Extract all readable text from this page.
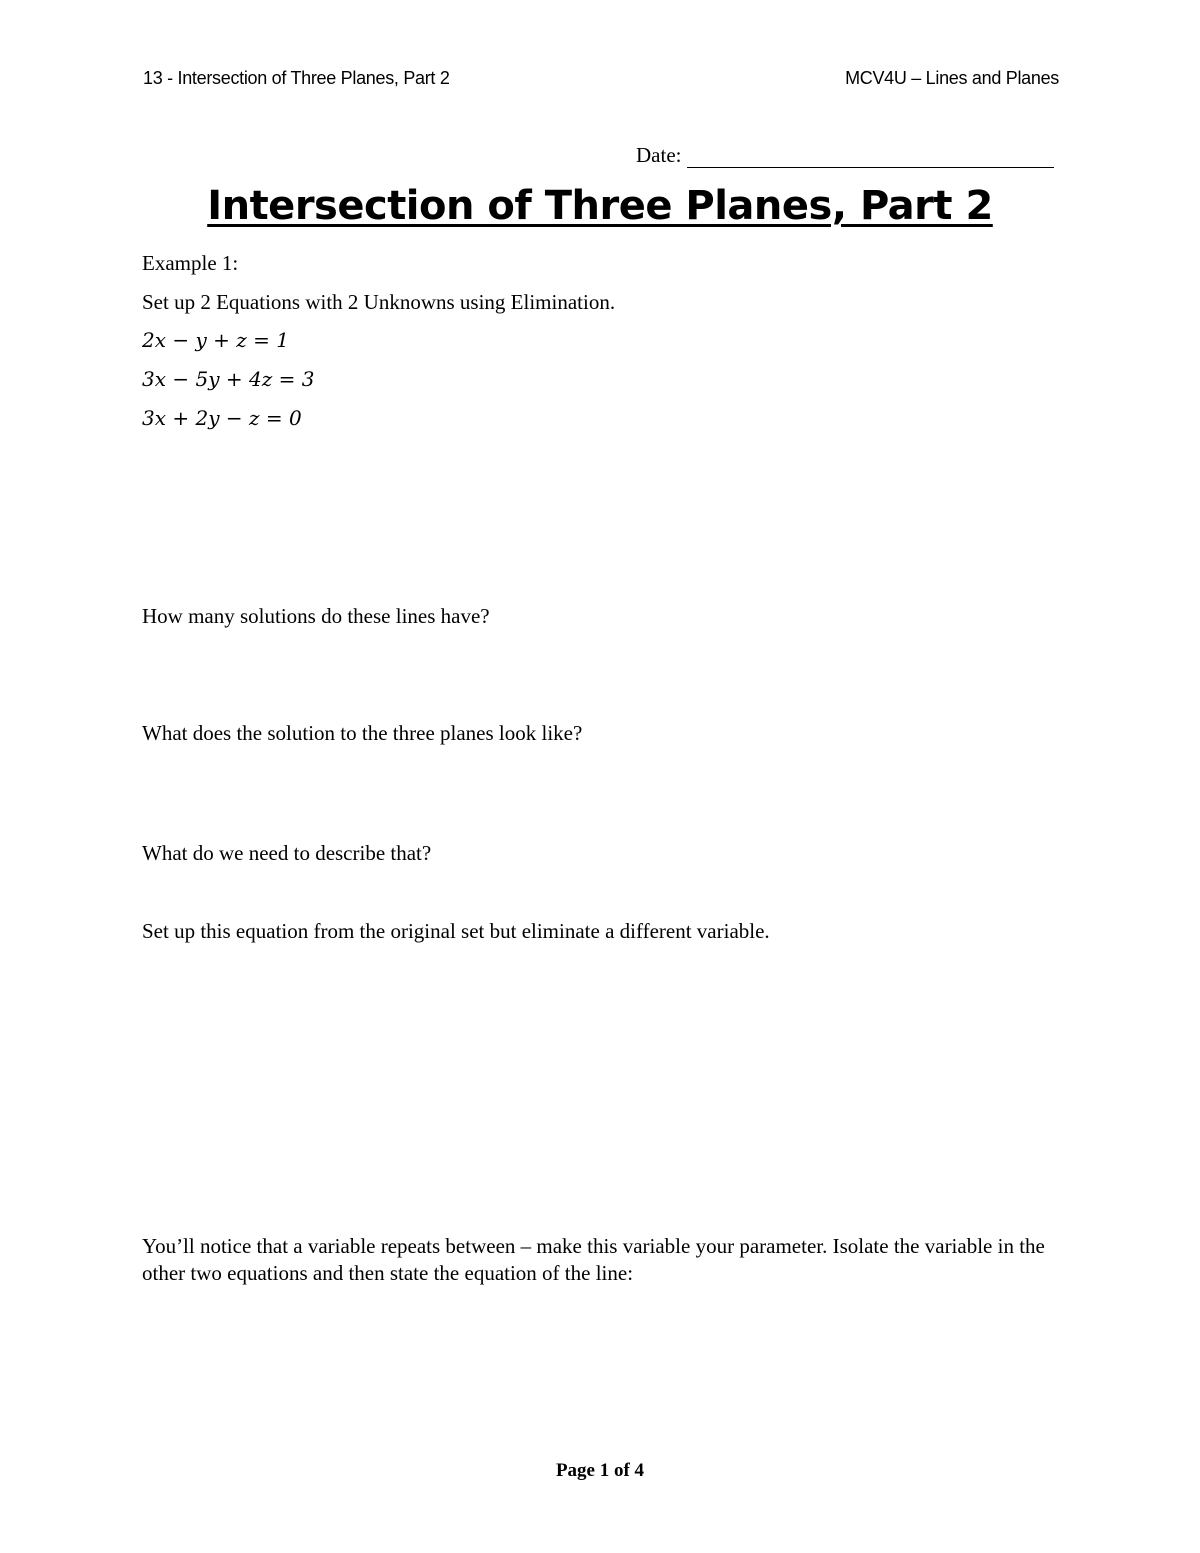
13 - Intersection of Three Planes, Part 2	MCV4U – Lines and Planes
Date:
Intersection of Three Planes, Part 2
Example 1:
Set up 2 Equations with 2 Unknowns using Elimination.
2x − y + z = 1
3x − 5y + 4z = 3
3x + 2y − z = 0
How many solutions do these lines have?
What does the solution to the three planes look like?
What do we need to describe that?
Set up this equation from the original set but eliminate a different variable.
You’ll notice that a variable repeats between – make this variable your parameter. Isolate the variable in the other two equations and then state the equation of the line:
Page 1 of 4
